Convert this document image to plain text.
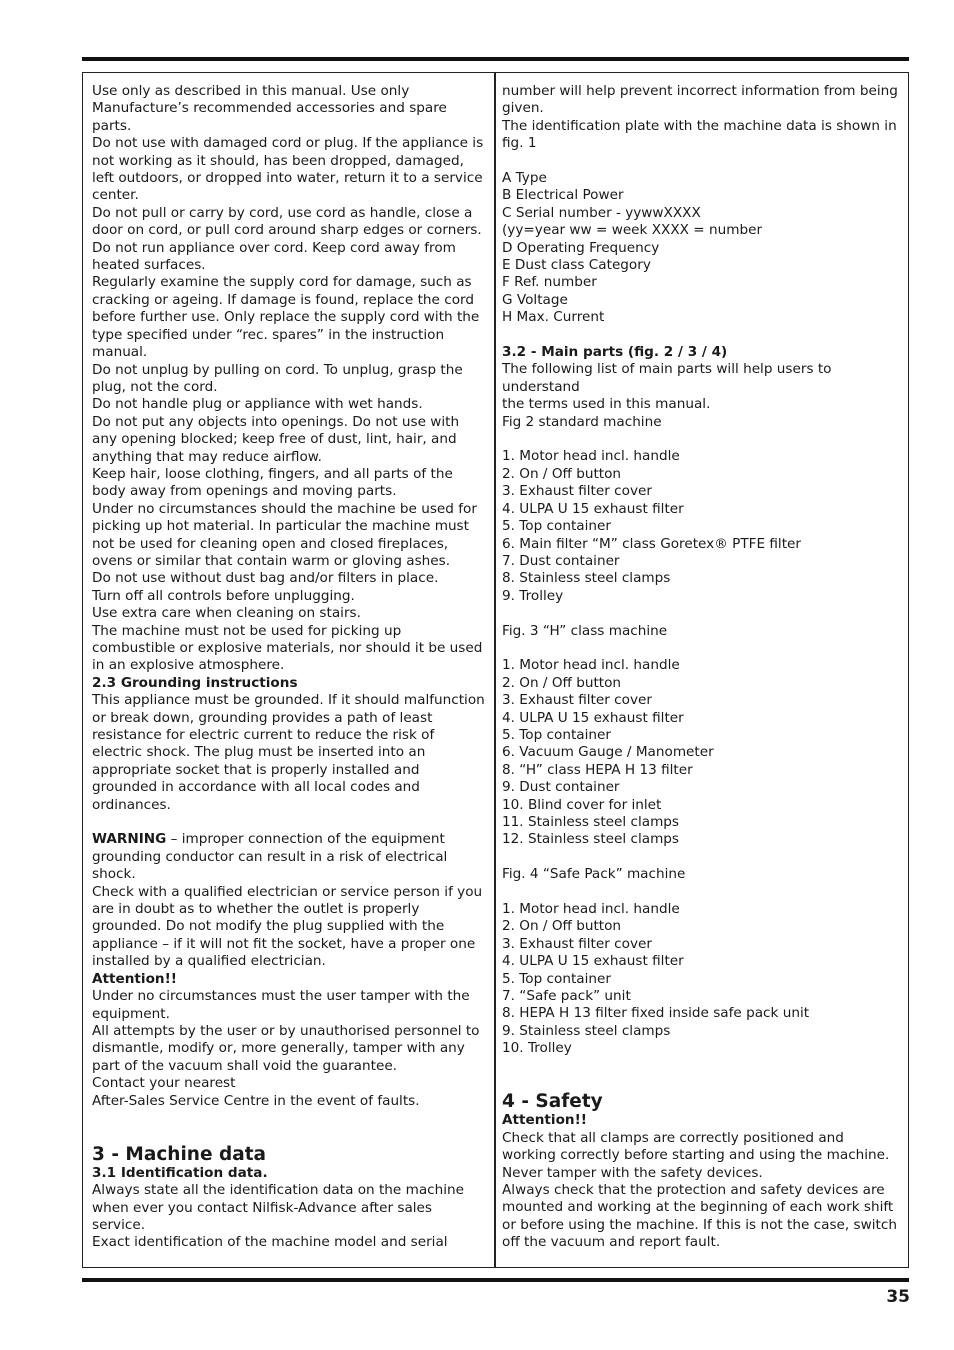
Use only as described in this manual. Use only Manufacture’s recommended accessories and spare parts.
Do not use with damaged cord or plug. If the appliance is not working as it should, has been dropped, damaged, left outdoors, or dropped into water, return it to a service center.
Do not pull or carry by cord, use cord as handle, close a door on cord, or pull cord around sharp edges or corners. Do not run appliance over cord. Keep cord away from heated surfaces.
Regularly examine the supply cord for damage, such as cracking or ageing. If damage is found, replace the cord before further use. Only replace the supply cord with the type specified under “rec. spares” in the instruction manual.
Do not unplug by pulling on cord. To unplug, grasp the plug, not the cord.
Do not handle plug or appliance with wet hands.
Do not put any objects into openings. Do not use with any opening blocked; keep free of dust, lint, hair, and anything that may reduce airflow.
Keep hair, loose clothing, fingers, and all parts of the body away from openings and moving parts.
Under no circumstances should the machine be used for picking up hot material. In particular the machine must not be used for cleaning open and closed fireplaces, ovens or similar that contain warm or gloving ashes.
Do not use without dust bag and/or filters in place.
Turn off all controls before unplugging.
Use extra care when cleaning on stairs.
The machine must not be used for picking up combustible or explosive materials, nor should it be used in an explosive atmosphere.
2.3 Grounding instructions
This appliance must be grounded. If it should malfunction or break down, grounding provides a path of least resistance for electric current to reduce the risk of electric shock. The plug must be inserted into an appropriate socket that is properly installed and grounded in accordance with all local codes and ordinances.
WARNING – improper connection of the equipment grounding conductor can result in a risk of electrical shock.
Check with a qualified electrician or service person if you are in doubt as to whether the outlet is properly grounded. Do not modify the plug supplied with the appliance – if it will not fit the socket, have a proper one installed by a qualified electrician.
Attention!!
Under no circumstances must the user tamper with the equipment.
All attempts by the user or by unauthorised personnel to dismantle, modify or, more generally, tamper with any part of the vacuum shall void the guarantee.
Contact your nearest
After-Sales Service Centre in the event of faults.
3 - Machine data
3.1 Identification data.
Always state all the identification data on the machine when ever you contact Nilfisk-Advance after sales service.
Exact identification of the machine model and serial
number will help prevent incorrect information from being given.
The identification plate with the machine data is shown in fig. 1
A Type
B Electrical Power
C Serial number - yywwXXXX
(yy=year ww = week XXXX = number
D Operating Frequency
E Dust class Category
F Ref. number
G Voltage
H Max. Current
3.2 - Main parts (fig. 2 / 3 / 4)
The following list of main parts will help users to understand
the terms used in this manual.
Fig 2 standard machine
1. Motor head incl. handle
2. On / Off button
3. Exhaust filter cover
4. ULPA U 15 exhaust filter
5. Top container
6. Main filter “M” class Goretex® PTFE filter
7. Dust container
8. Stainless steel clamps
9. Trolley
Fig. 3 “H” class machine
1. Motor head incl. handle
2. On / Off button
3. Exhaust filter cover
4. ULPA U 15 exhaust filter
5. Top container
6. Vacuum Gauge / Manometer
8. “H” class HEPA H 13 filter
9. Dust container
10. Blind cover for inlet
11. Stainless steel clamps
12. Stainless steel clamps
Fig. 4 “Safe Pack” machine
1. Motor head incl. handle
2. On / Off button
3. Exhaust filter cover
4. ULPA U 15 exhaust filter
5. Top container
7. “Safe pack” unit
8. HEPA H 13 filter fixed inside safe pack unit
9. Stainless steel clamps
10. Trolley
4 - Safety
Attention!!
Check that all clamps are correctly positioned and working correctly before starting and using the machine.
Never tamper with the safety devices.
Always check that the protection and safety devices are mounted and working at the beginning of each work shift or before using the machine. If this is not the case, switch off the vacuum and report fault.
35
